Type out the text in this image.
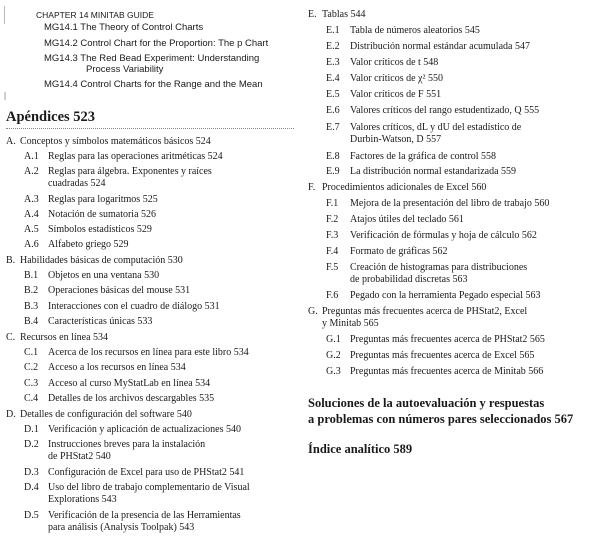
CHAPTER 14 MINITAB GUIDE
MG14.1 The Theory of Control Charts
MG14.2 Control Chart for the Proportion: The p Chart
MG14.3 The Red Bead Experiment: Understanding
Process Variability
MG14.4 Control Charts for the Range and the Mean
Apéndices 523
A. Conceptos y símbolos matemáticos básicos 524
A.1 Reglas para las operaciones aritméticas 524
A.2 Reglas para álgebra. Exponentes y raíces
cuadradas 524
A.3 Reglas para logaritmos 525
A.4 Notación de sumatoria 526
A.5 Símbolos estadísticos 529
A.6 Alfabeto griego 529
B. Habilidades básicas de computación 530
B.1 Objetos en una ventana 530
B.2 Operaciones básicas del mouse 531
B.3 Interacciones con el cuadro de diálogo 531
B.4 Características únicas 533
C. Recursos en línea 534
C.1 Acerca de los recursos en línea para este libro 534
C.2 Acceso a los recursos en línea 534
C.3 Acceso al curso MyStatLab en línea 534
C.4 Detalles de los archivos descargables 535
D. Detalles de configuración del software 540
D.1 Verificación y aplicación de actualizaciones 540
D.2 Instrucciones breves para la instalación
de PHStat2 540
D.3 Configuración de Excel para uso de PHStat2 541
D.4 Uso del libro de trabajo complementario de Visual
Explorations 543
D.5 Verificación de la presencia de las Herramientas
para análisis (Analysis Toolpak) 543
E. Tablas 544
E.1 Tabla de números aleatorios 545
E.2 Distribución normal estándar acumulada 547
E.3 Valor críticos de t 548
E.4 Valor críticos de χ² 550
E.5 Valor críticos de F 551
E.6 Valores críticos del rango estudentizado, Q 555
E.7 Valores críticos, dL y dU del estadístico de
Durbin-Watson, D 557
E.8 Factores de la gráfica de control 558
E.9 La distribución normal estandarizada 559
F. Procedimientos adicionales de Excel 560
F.1 Mejora de la presentación del libro de trabajo 560
F.2 Atajos útiles del teclado 561
F.3 Verificación de fórmulas y hoja de cálculo 562
F.4 Formato de gráficas 562
F.5 Creación de histogramas para distribuciones
de probabilidad discretas 563
F.6 Pegado con la herramienta Pegado especial 563
G. Preguntas más frecuentes acerca de PHStat2, Excel
y Minitab 565
G.1 Preguntas más frecuentes acerca de PHStat2 565
G.2 Preguntas más frecuentes acerca de Excel 565
G.3 Preguntas más frecuentes acerca de Minitab 566
Soluciones de la autoevaluación y respuestas
a problemas con números pares seleccionados 567
Índice analítico 589
